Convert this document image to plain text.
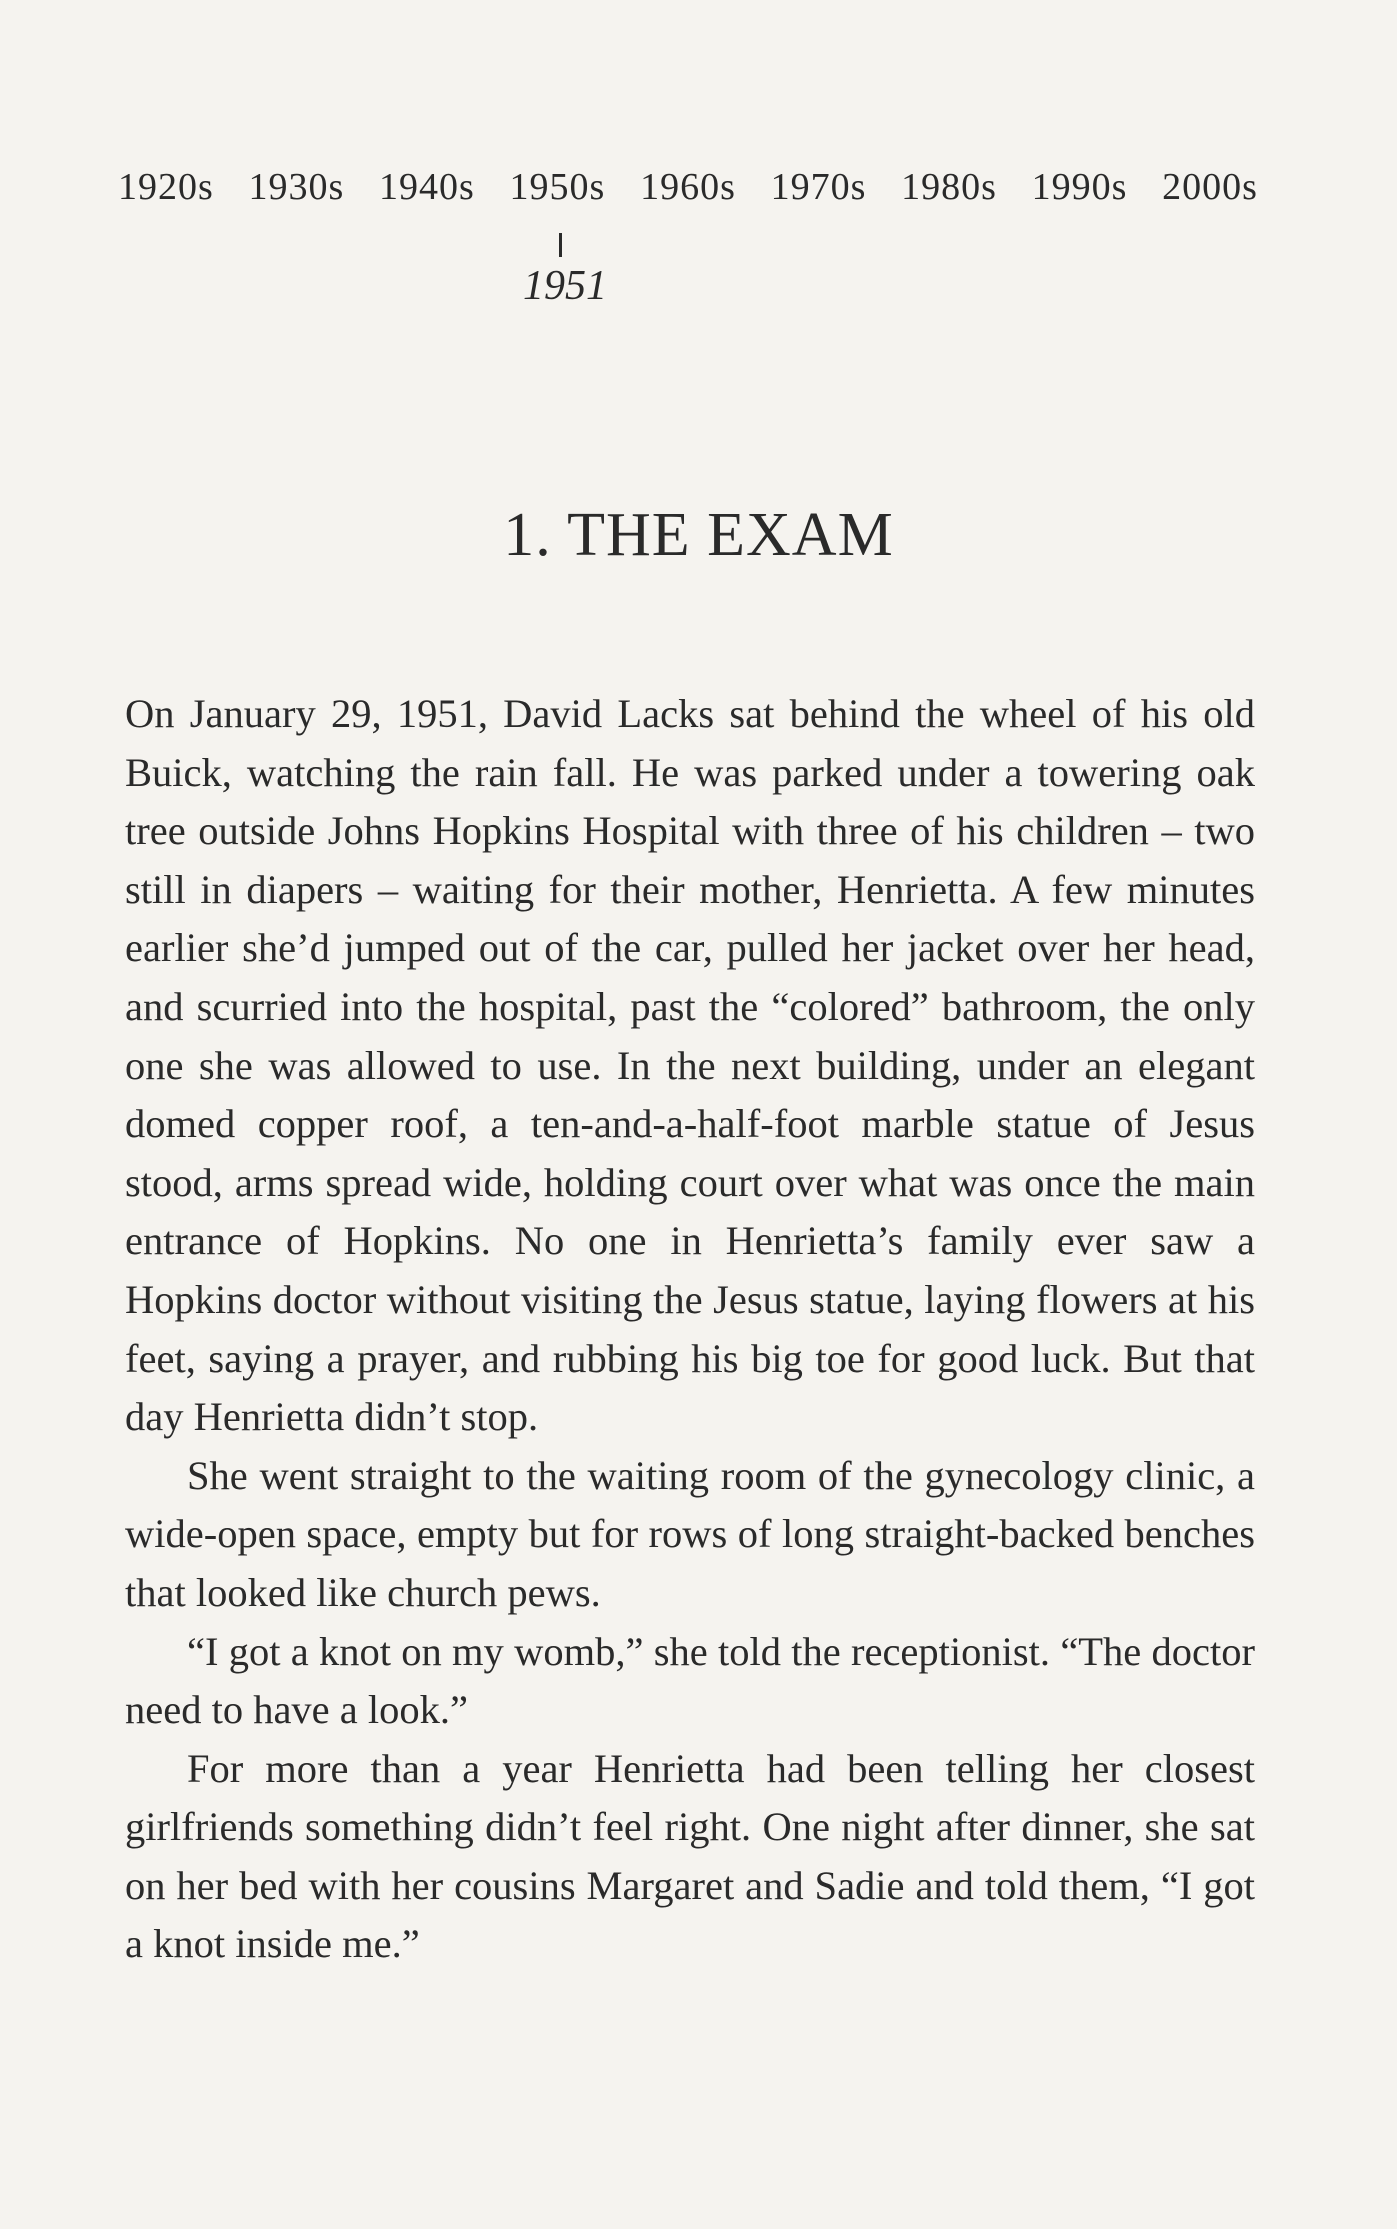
1920s 1930s 1940s 1950s 1960s 1970s 1980s 1990s 2000s
1951
1. THE EXAM

On January 29, 1951, David Lacks sat behind the wheel of his old Buick, watching the rain fall. He was parked under a towering oak tree outside Johns Hopkins Hospital with three of his children – two still in diapers – waiting for their mother, Henrietta. A few minutes earlier she’d jumped out of the car, pulled her jacket over her head, and scurried into the hospital, past the “colored” bathroom, the only one she was allowed to use. In the next building, under an elegant domed copper roof, a ten-and-a-half-foot marble statue of Jesus stood, arms spread wide, holding court over what was once the main entrance of Hopkins. No one in Henrietta’s family ever saw a Hopkins doctor without visiting the Jesus statue, laying flowers at his feet, saying a prayer, and rubbing his big toe for good luck. But that day Henrietta didn’t stop.

She went straight to the waiting room of the gynecology clinic, a wide-open space, empty but for rows of long straight-backed benches that looked like church pews.

“I got a knot on my womb,” she told the receptionist. “The doctor need to have a look.”

For more than a year Henrietta had been telling her closest girlfriends something didn’t feel right. One night after dinner, she sat on her bed with her cousins Margaret and Sadie and told them, “I got a knot inside me.”
